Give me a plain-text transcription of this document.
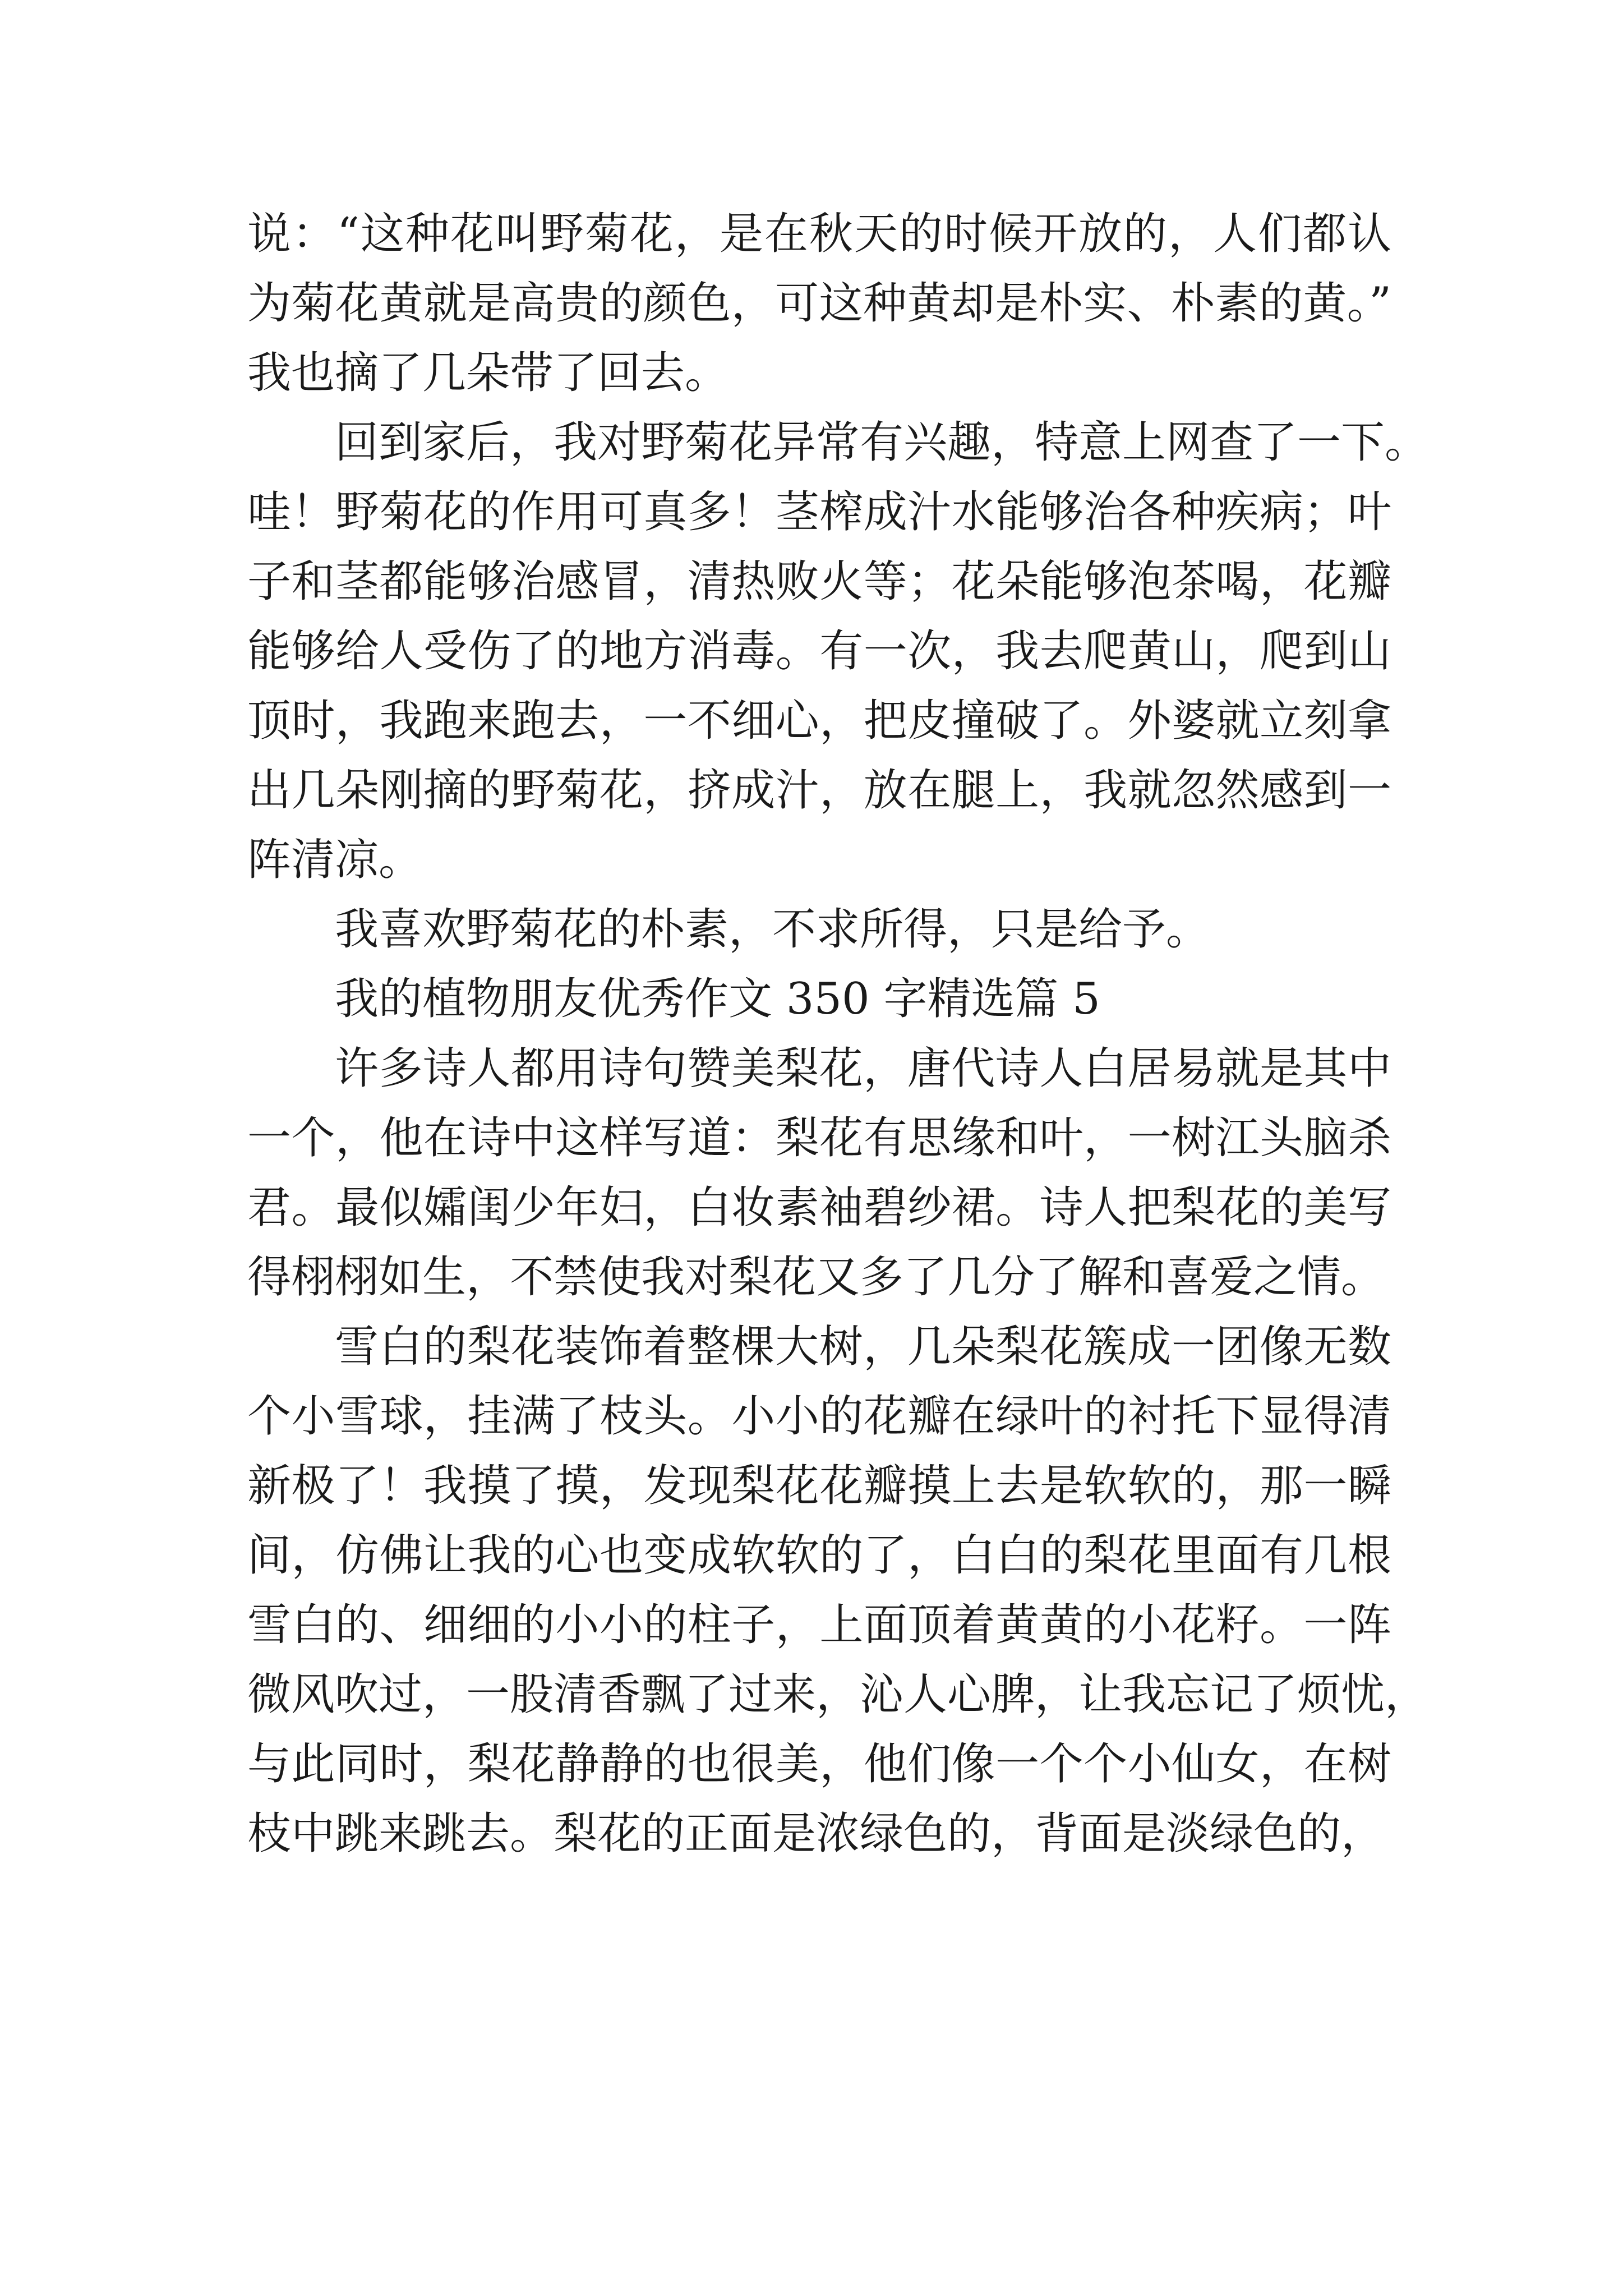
说：“这种花叫野菊花，是在秋天的时候开放的，人们都认
为菊花黄就是高贵的颜色，可这种黄却是朴实、朴素的黄。”
我也摘了几朵带了回去。
回到家后，我对野菊花异常有兴趣，特意上网查了一下。
哇！野菊花的作用可真多！茎榨成汁水能够治各种疾病；叶
子和茎都能够治感冒，清热败火等；花朵能够泡茶喝，花瓣
能够给人受伤了的地方消毒。有一次，我去爬黄山，爬到山
顶时，我跑来跑去，一不细心，把皮撞破了。外婆就立刻拿
出几朵刚摘的野菊花，挤成汁，放在腿上，我就忽然感到一
阵清凉。
我喜欢野菊花的朴素，不求所得，只是给予。
我的植物朋友优秀作文 350 字精选篇 5
许多诗人都用诗句赞美梨花，唐代诗人白居易就是其中
一个，他在诗中这样写道：梨花有思缘和叶，一树江头脑杀
君。最似孀闺少年妇，白妆素袖碧纱裙。诗人把梨花的美写
得栩栩如生，不禁使我对梨花又多了几分了解和喜爱之情。
雪白的梨花装饰着整棵大树，几朵梨花簇成一团像无数
个小雪球，挂满了枝头。小小的花瓣在绿叶的衬托下显得清
新极了！我摸了摸，发现梨花花瓣摸上去是软软的，那一瞬
间，仿佛让我的心也变成软软的了，白白的梨花里面有几根
雪白的、细细的小小的柱子，上面顶着黄黄的小花籽。一阵
微风吹过，一股清香飘了过来，沁人心脾，让我忘记了烦忧，
与此同时，梨花静静的也很美，他们像一个个小仙女，在树
枝中跳来跳去。梨花的正面是浓绿色的，背面是淡绿色的，
